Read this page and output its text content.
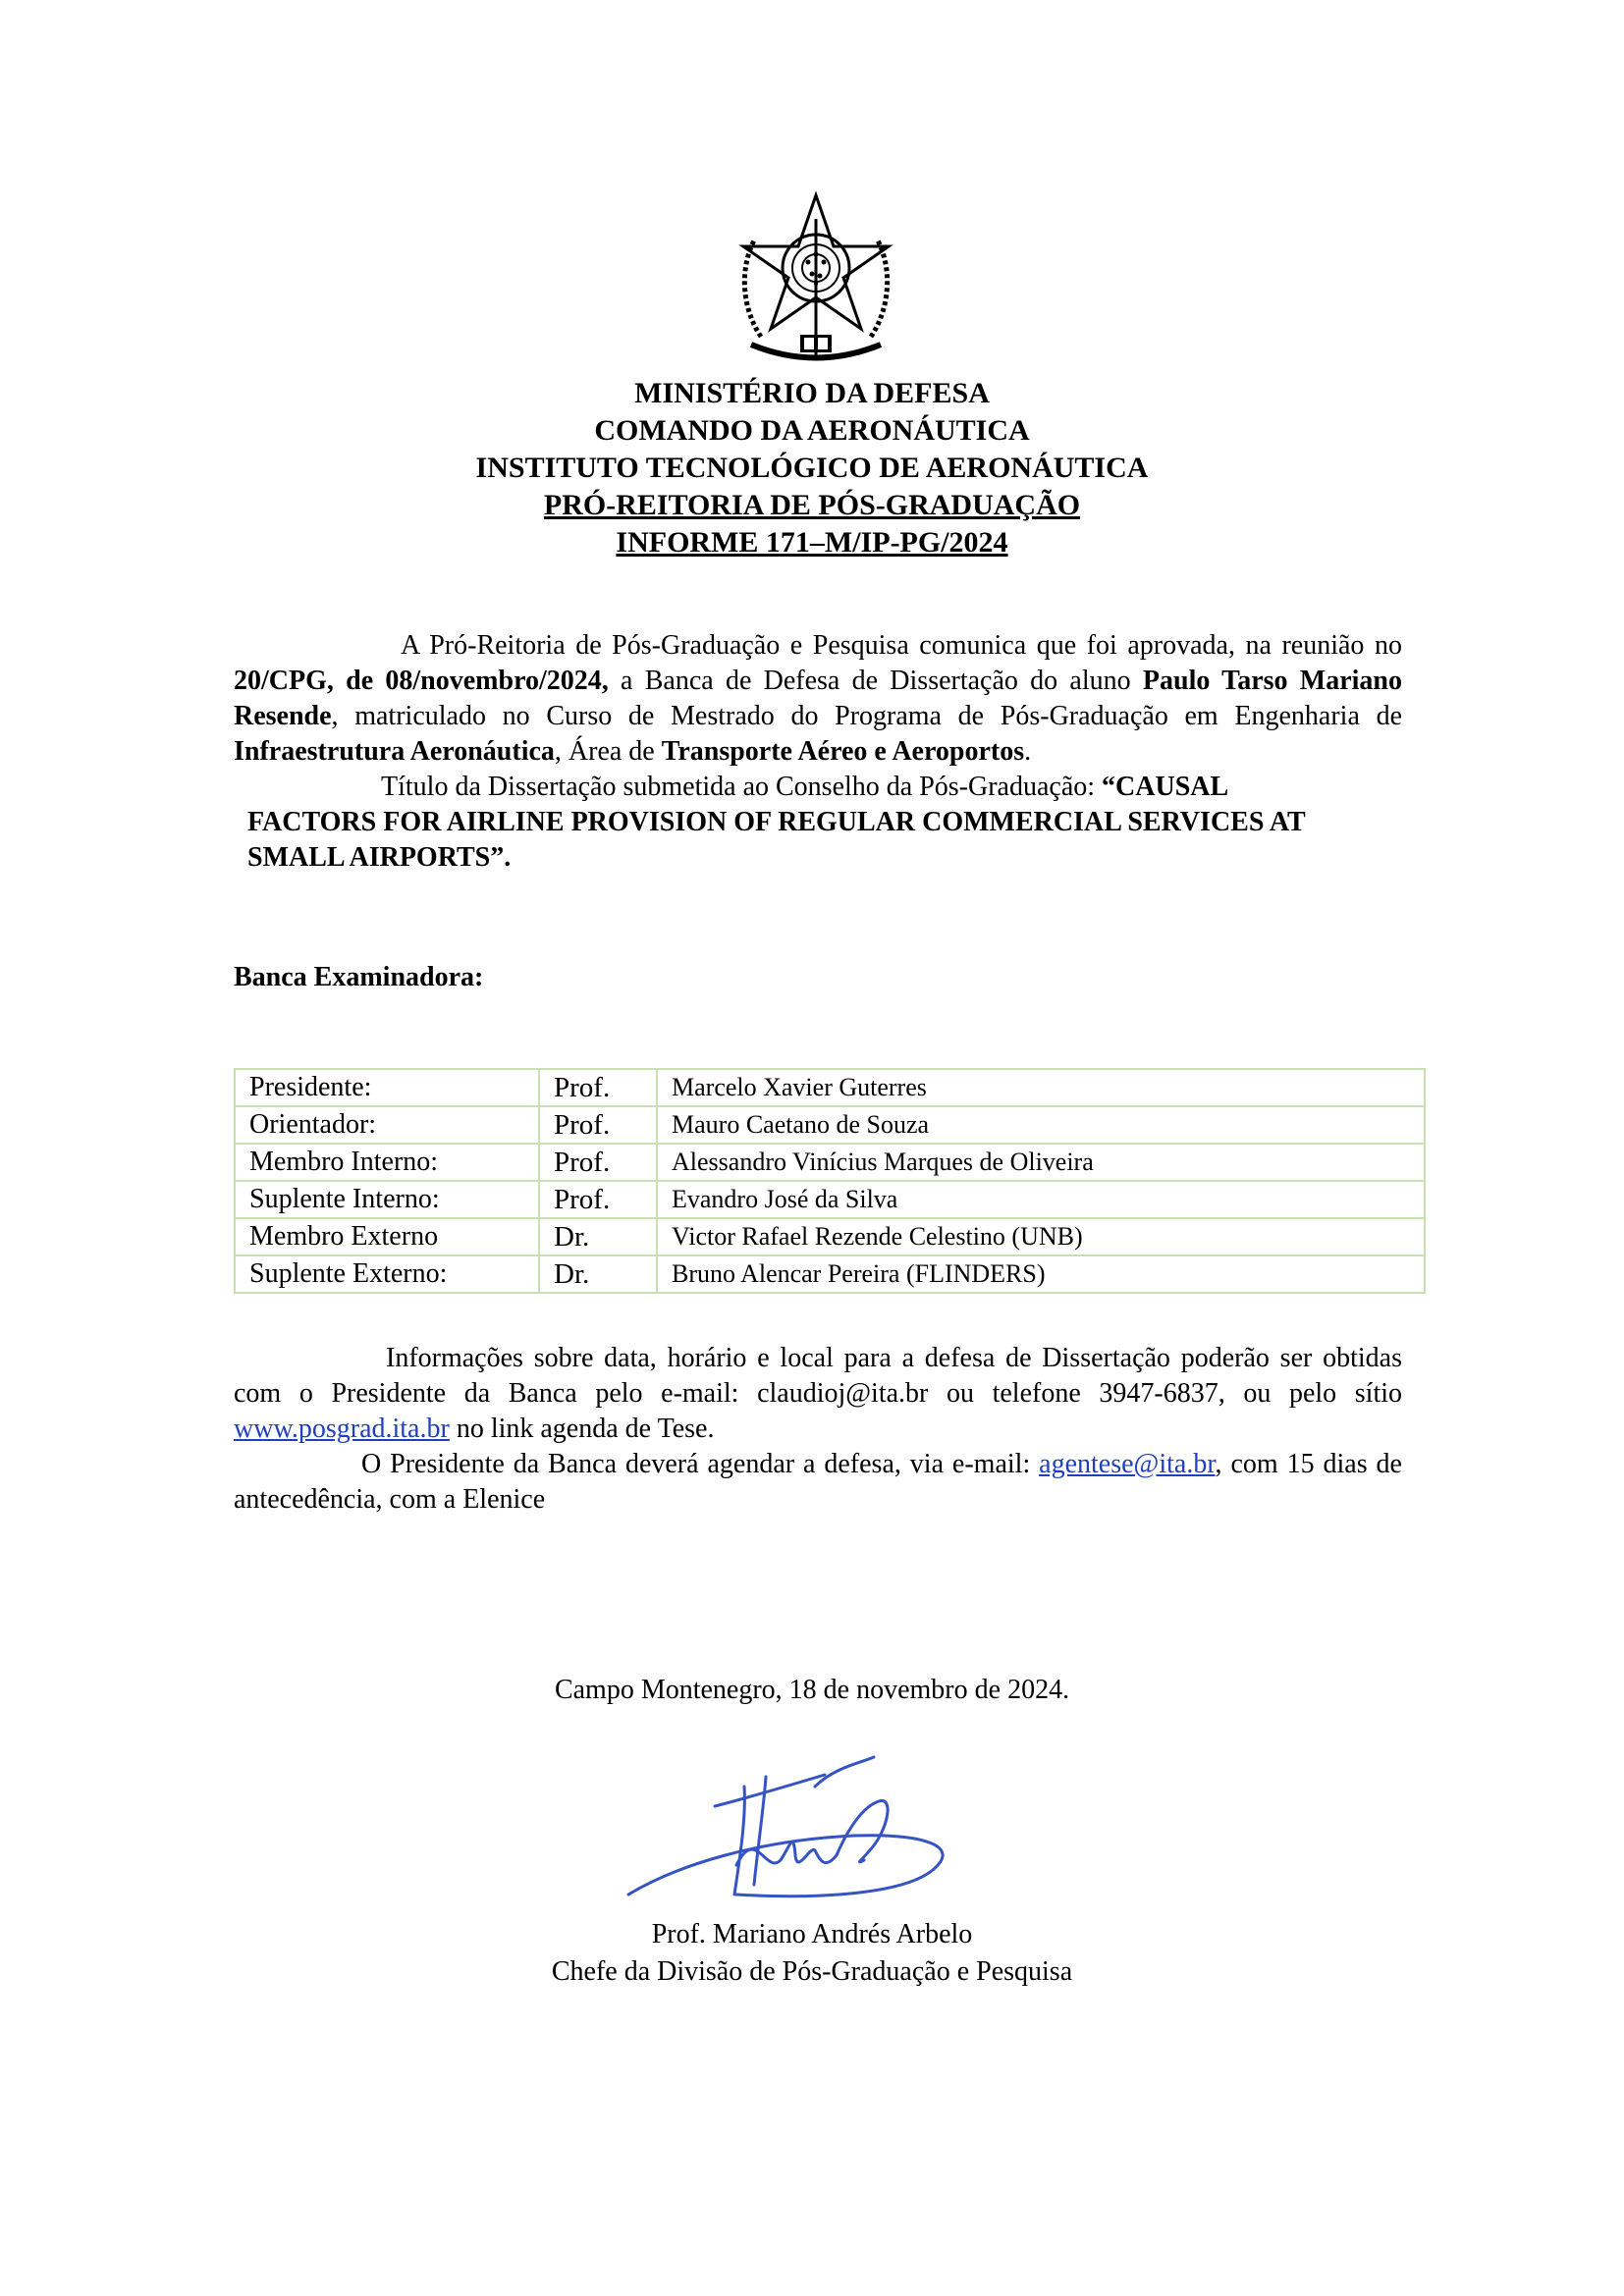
MINISTÉRIO DA DEFESA
COMANDO DA AERONÁUTICA
INSTITUTO TECNOLÓGICO DE AERONÁUTICA
PRÓ-REITORIA DE PÓS-GRADUAÇÃO
INFORME 171–M/IP-PG/2024
A Pró-Reitoria de Pós-Graduação e Pesquisa comunica que foi aprovada, na reunião no 20/CPG, de 08/novembro/2024, a Banca de Defesa de Dissertação do aluno Paulo Tarso Mariano Resende, matriculado no Curso de Mestrado do Programa de Pós-Graduação em Engenharia de Infraestrutura Aeronáutica, Área de Transporte Aéreo e Aeroportos.
Título da Dissertação submetida ao Conselho da Pós-Graduação: “CAUSAL
FACTORS FOR AIRLINE PROVISION OF REGULAR COMMERCIAL SERVICES AT SMALL AIRPORTS”.
Banca Examinadora:
Presidente:	Prof.	Marcelo Xavier Guterres
Orientador:	Prof.	Mauro Caetano de Souza
Membro Interno:	Prof.	Alessandro Vinícius Marques de Oliveira
Suplente Interno:	Prof.	Evandro José da Silva
Membro Externo	Dr.	Victor Rafael Rezende Celestino (UNB)
Suplente Externo:	Dr.	Bruno Alencar Pereira (FLINDERS)
Informações sobre data, horário e local para a defesa de Dissertação poderão ser obtidas com o Presidente da Banca pelo e-mail: claudioj@ita.br ou telefone 3947-6837, ou pelo sítio www.posgrad.ita.br no link agenda de Tese.
O Presidente da Banca deverá agendar a defesa, via e-mail: agentese@ita.br, com 15 dias de antecedência, com a Elenice
Campo Montenegro, 18 de novembro de 2024.
Prof. Mariano Andrés Arbelo
Chefe da Divisão de Pós-Graduação e Pesquisa
